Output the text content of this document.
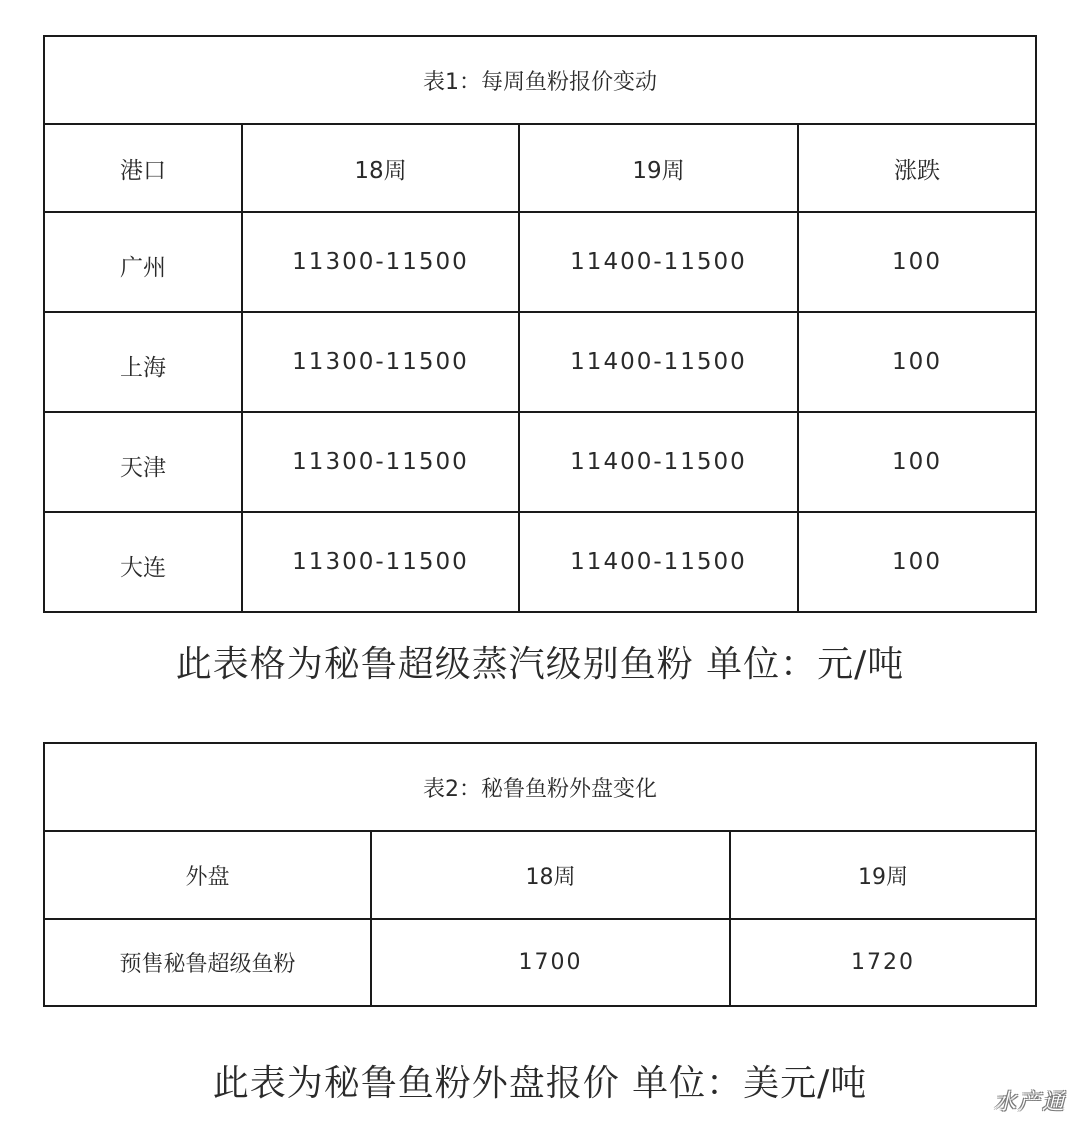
表1：每周鱼粉报价变动			
港口	18周	19周	涨跌
广州	11300-11500	11400-11500	100
上海	11300-11500	11400-11500	100
天津	11300-11500	11400-11500	100
大连	11300-11500	11400-11500	100
此表格为秘鲁超级蒸汽级别鱼粉 单位：元/吨
表2：秘鲁鱼粉外盘变化		
外盘	18周	19周
预售秘鲁超级鱼粉	1700	1720
此表为秘鲁鱼粉外盘报价 单位：美元/吨	水产通
